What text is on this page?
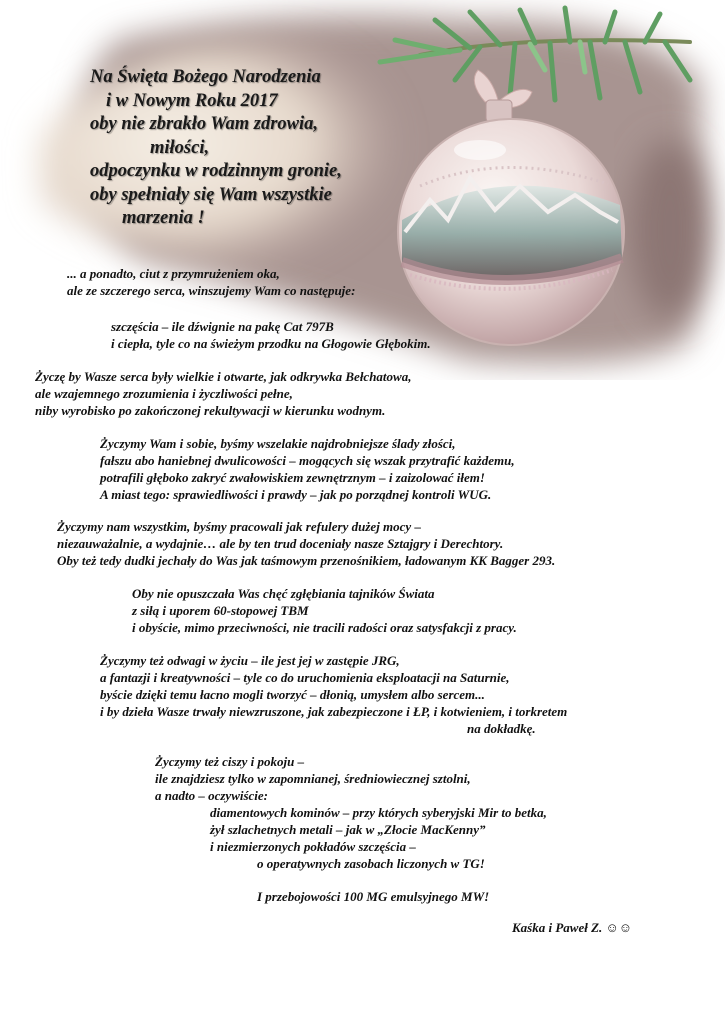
Na Święta Bożego Narodzenia
i w Nowym Roku 2017
oby nie zbrakło Wam zdrowia,
miłości,
odpoczynku w rodzinnym gronie,
oby spełniały się Wam wszystkie
marzenia !
... a ponadto, ciut z przymrużeniem oka,
ale ze szczerego serca, winszujemy Wam co następuje:
szczęścia – ile dźwignie na pakę Cat 797B
i ciepła, tyle co na świeżym przodku na Głogowie Głębokim.
Życzę by Wasze serca były wielkie i otwarte, jak odkrywka Bełchatowa,
ale wzajemnego zrozumienia i życzliwości pełne,
niby wyrobisko po zakończonej rekultywacji w kierunku wodnym.
Życzymy Wam i sobie, byśmy wszelakie najdrobniejsze ślady złości,
fałszu abo haniebnej dwulicowości – mogących się wszak przytrafić każdemu,
potrafili głęboko zakryć zwałowiskiem zewnętrznym – i zaizolować iłem!
A miast tego: sprawiedliwości i prawdy – jak po porządnej kontroli WUG.
Życzymy nam wszystkim, byśmy pracowali jak refulery dużej mocy –
niezauważalnie, a wydajnie… ale by ten trud doceniały nasze Sztajgry i Derechtory.
Oby też tedy dudki jechały do Was jak taśmowym przenośnikiem, ładowanym KK Bagger 293.
Oby nie opuszczała Was chęć zgłębiania tajników Świata
z siłą i uporem 60-stopowej TBM
i obyście, mimo przeciwności, nie tracili radości oraz satysfakcji z pracy.
Życzymy też odwagi w życiu – ile jest jej w zastępie JRG,
a fantazji i kreatywności – tyle co do uruchomienia eksploatacji na Saturnie,
byście dzięki temu łacno mogli tworzyć – dłonią, umysłem albo sercem...
i by dzieła Wasze trwały niewzruszone, jak zabezpieczone i ŁP, i kotwieniem, i torkretem
na dokładkę.
Życzymy też ciszy i pokoju –
ile znajdziesz tylko w zapomnianej, średniowiecznej sztolni,
a nadto – oczywiście:
diamentowych kominów – przy których syberyjski Mir to betka,
żył szlachetnych metali – jak w „Złocie MacKenny”
i niezmierzonych pokładów szczęścia –
o operatywnych zasobach liczonych w TG!
I przebojowości 100 MG emulsyjnego MW!
Kaśka i Paweł Z. ☺☺
